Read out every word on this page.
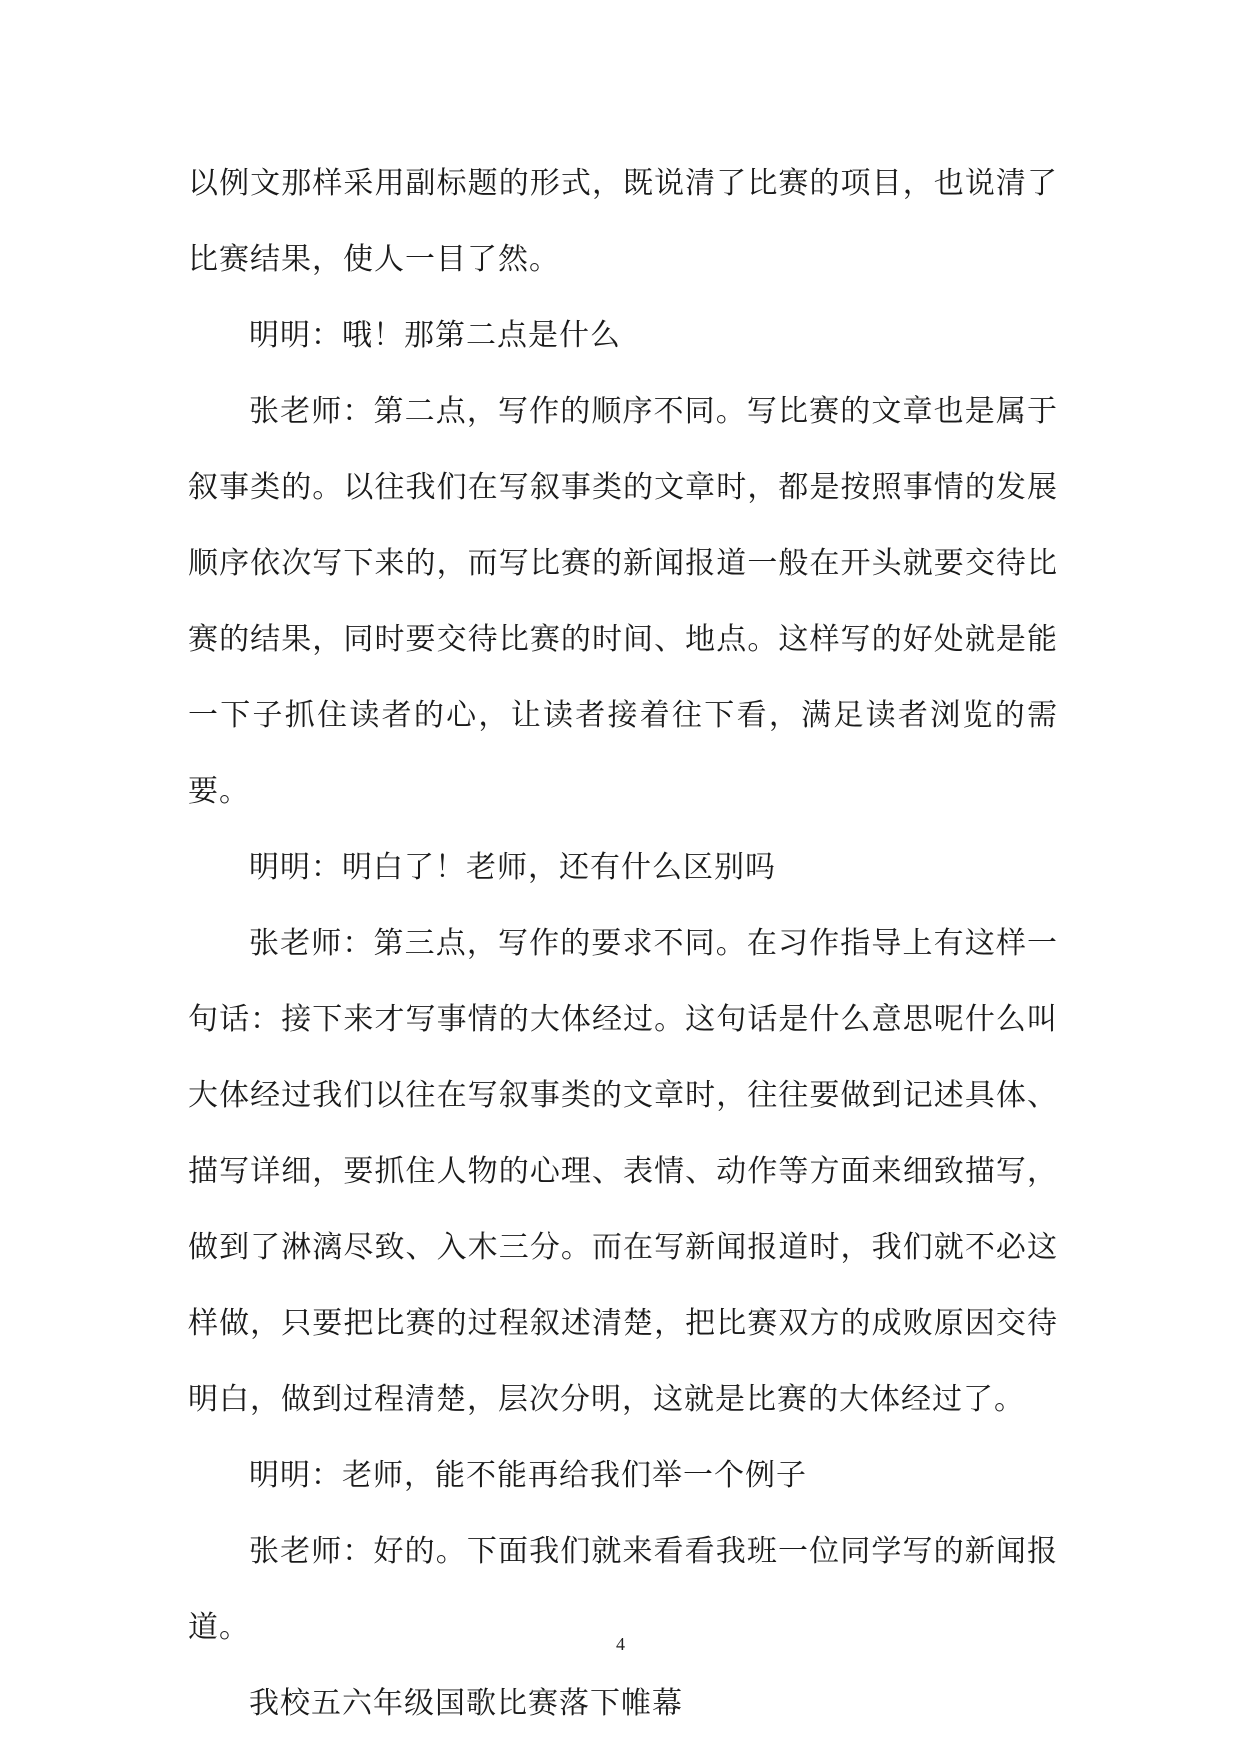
以例文那样采用副标题的形式，既说清了比赛的项目，也说清了比赛结果，使人一目了然。

明明：哦！那第二点是什么

张老师：第二点，写作的顺序不同。写比赛的文章也是属于叙事类的。以往我们在写叙事类的文章时，都是按照事情的发展顺序依次写下来的，而写比赛的新闻报道一般在开头就要交待比赛的结果，同时要交待比赛的时间、地点。这样写的好处就是能一下子抓住读者的心，让读者接着往下看，满足读者浏览的需要。

明明：明白了！老师，还有什么区别吗

张老师：第三点，写作的要求不同。在习作指导上有这样一句话：接下来才写事情的大体经过。这句话是什么意思呢什么叫大体经过我们以往在写叙事类的文章时，往往要做到记述具体、描写详细，要抓住人物的心理、表情、动作等方面来细致描写，做到了淋漓尽致、入木三分。而在写新闻报道时，我们就不必这样做，只要把比赛的过程叙述清楚，把比赛双方的成败原因交待明白，做到过程清楚，层次分明，这就是比赛的大体经过了。

明明：老师，能不能再给我们举一个例子

张老师：好的。下面我们就来看看我班一位同学写的新闻报道。

我校五六年级国歌比赛落下帷幕

4
